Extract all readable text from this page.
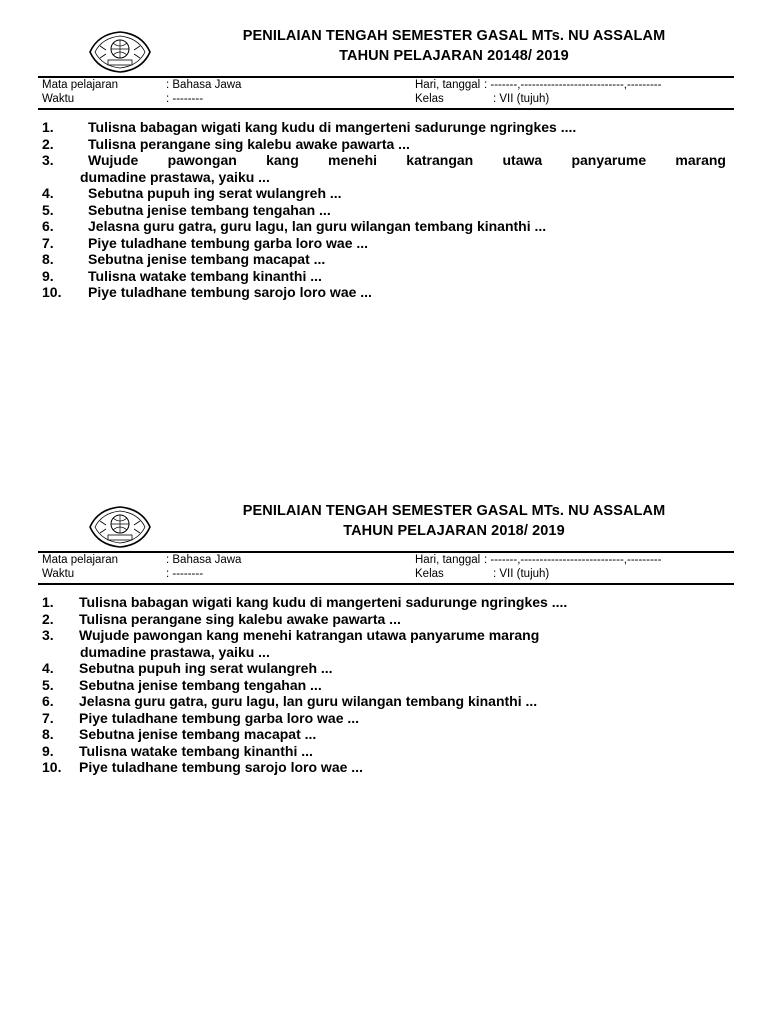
PENILAIAN TENGAH SEMESTER GASAL MTs. NU ASSALAM
TAHUN PELAJARAN 20148/ 2019
Mata pelajaran	: Bahasa Jawa	Hari, tanggal : -------,---------------------------,---------
Waktu	: --------	Kelas	: VII (tujuh)
1.	Tulisna babagan wigati kang kudu di mangerteni sadurunge ngringkes ....
2.	Tulisna perangane sing kalebu awake pawarta ...
3.	Wujude pawongan kang menehi katrangan utawa panyarume marang
dumadine prastawa, yaiku ...
4.	Sebutna pupuh ing serat wulangreh ...
5.	Sebutna jenise tembang tengahan ...
6.	Jelasna guru gatra, guru lagu, lan guru wilangan tembang kinanthi ...
7.	Piye tuladhane tembung garba loro wae ...
8.	Sebutna jenise tembang macapat ...
9.	Tulisna watake tembang kinanthi ...
10.	Piye tuladhane tembung sarojo loro wae ...
PENILAIAN TENGAH SEMESTER GASAL MTs. NU ASSALAM
TAHUN PELAJARAN 2018/ 2019
Mata pelajaran	: Bahasa Jawa	Hari, tanggal : -------,---------------------------,---------
Waktu	: --------	Kelas	: VII (tujuh)
1.	Tulisna babagan wigati kang kudu di mangerteni sadurunge ngringkes ....
2.	Tulisna perangane sing kalebu awake pawarta ...
3.	Wujude pawongan kang menehi katrangan utawa panyarume marang
dumadine prastawa, yaiku ...
4.	Sebutna pupuh ing serat wulangreh ...
5.	Sebutna jenise tembang tengahan ...
6.	Jelasna guru gatra, guru lagu, lan guru wilangan tembang kinanthi ...
7.	Piye tuladhane tembung garba loro wae ...
8.	Sebutna jenise tembang macapat ...
9.	Tulisna watake tembang kinanthi ...
10.	Piye tuladhane tembung sarojo loro wae ...
